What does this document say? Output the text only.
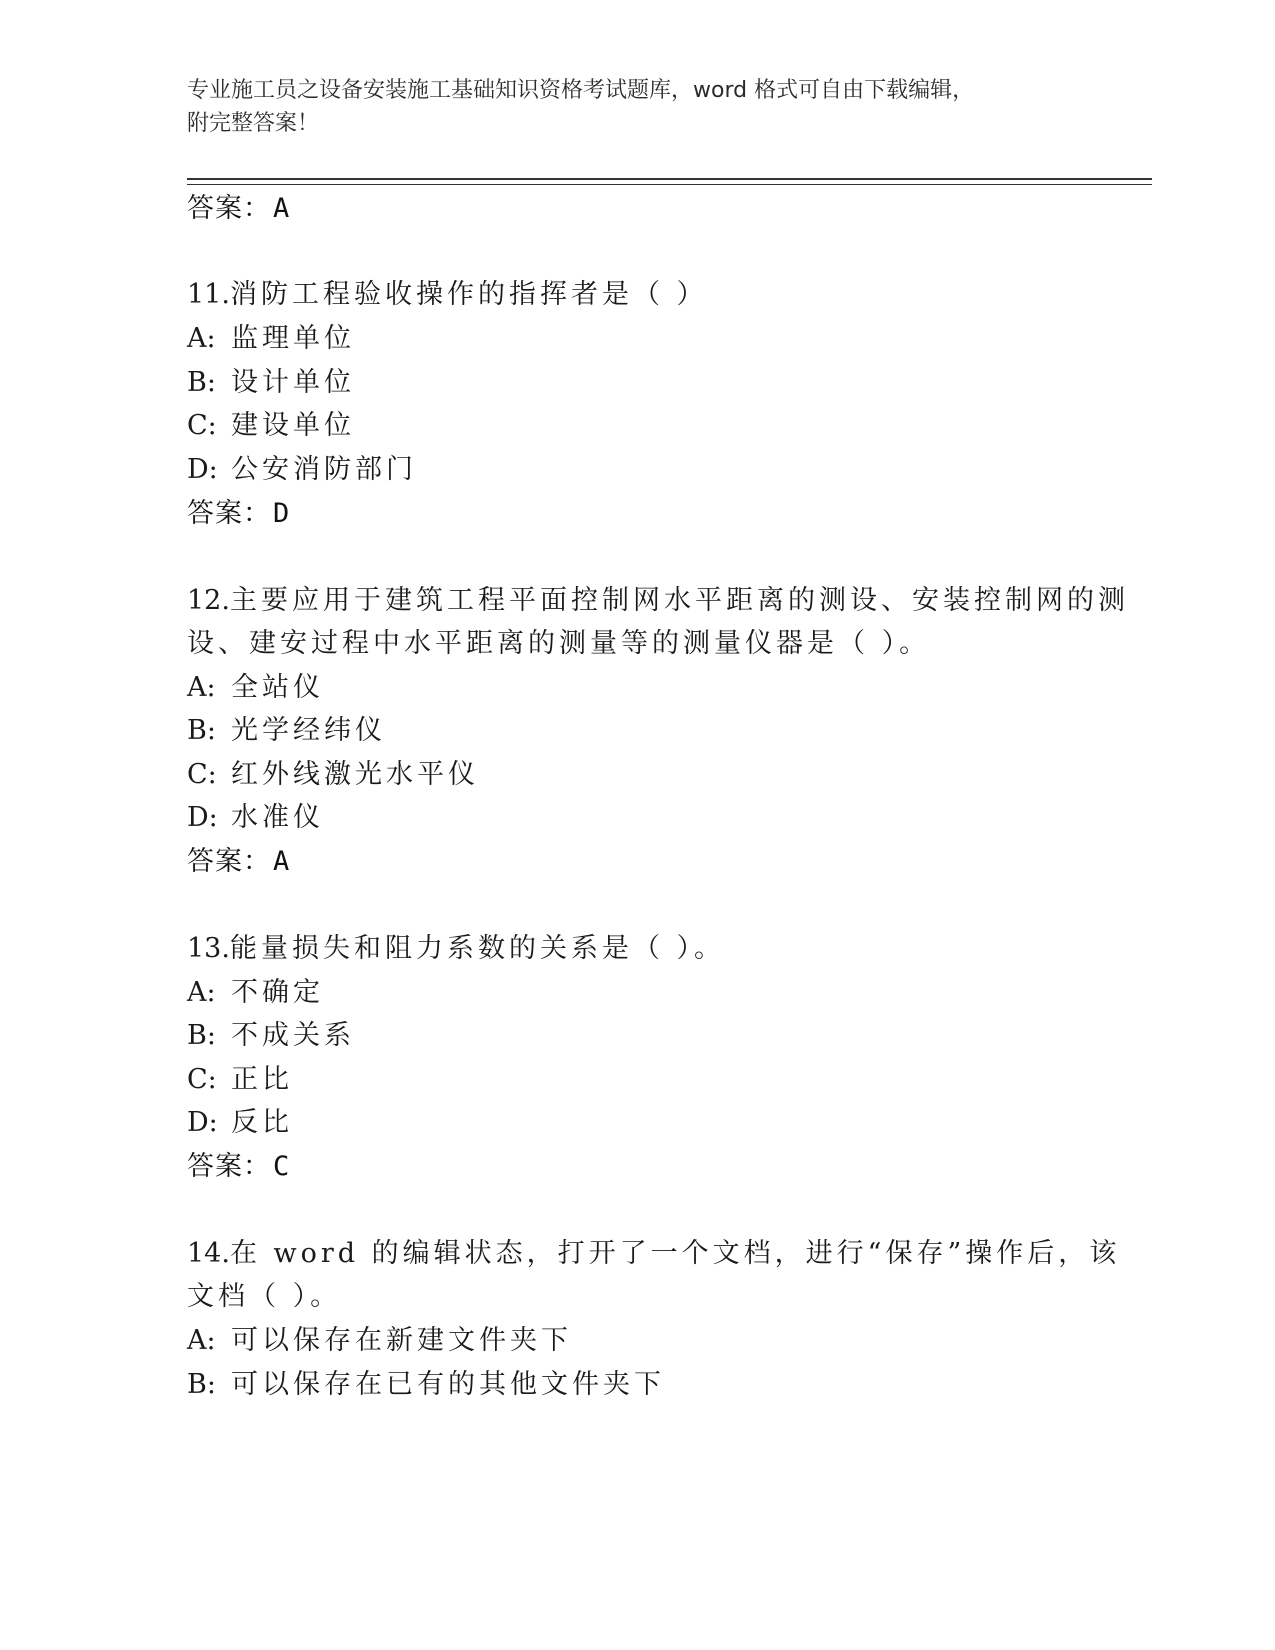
专业施工员之设备安装施工基础知识资格考试题库，word 格式可自由下载编辑，
附完整答案！
答案：A
11.消防工程验收操作的指挥者是（ ）
A: 监理单位
B: 设计单位
C: 建设单位
D: 公安消防部门
答案：D
12.主要应用于建筑工程平面控制网水平距离的测设、安装控制网的测
设、建安过程中水平距离的测量等的测量仪器是（ ）。
A: 全站仪
B: 光学经纬仪
C: 红外线激光水平仪
D: 水准仪
答案：A
13.能量损失和阻力系数的关系是（ ）。
A: 不确定
B: 不成关系
C: 正比
D: 反比
答案：C
14.在 word 的编辑状态，打开了一个文档，进行“保存”操作后，该
文档（ ）。
A: 可以保存在新建文件夹下
B: 可以保存在已有的其他文件夹下
